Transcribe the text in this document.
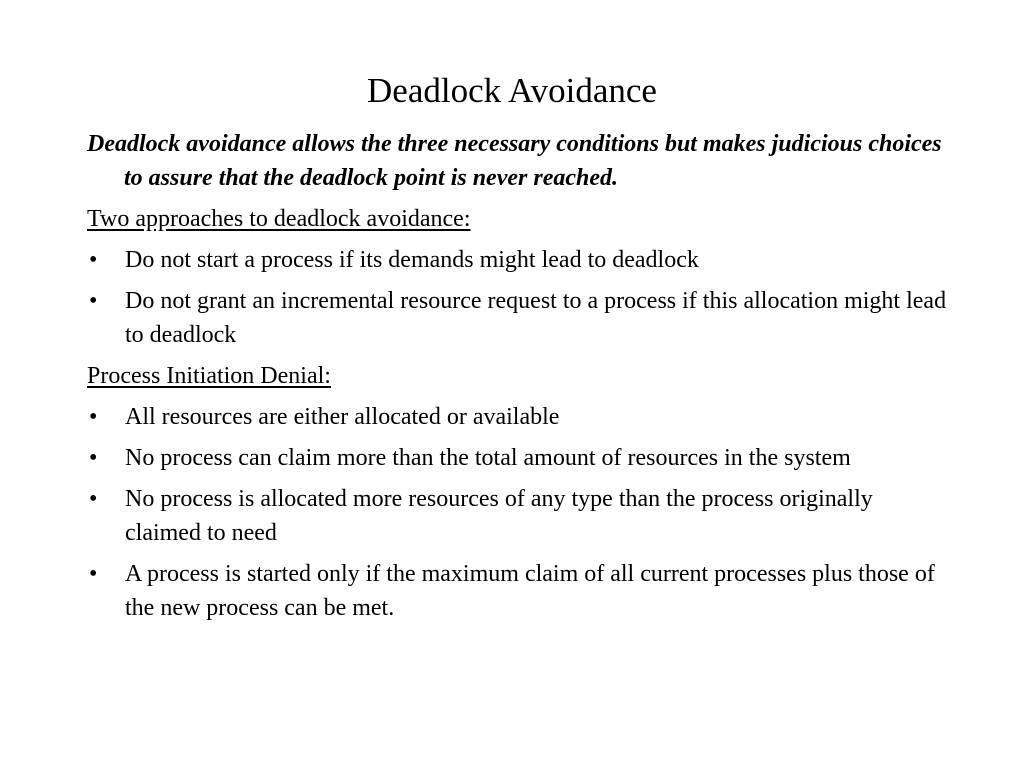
Deadlock Avoidance

Deadlock avoidance allows the three necessary conditions but makes judicious choices to assure that the deadlock point is never reached.

Two approaches to deadlock avoidance:

• Do not start a process if its demands might lead to deadlock
• Do not grant an incremental resource request to a process if this allocation might lead to deadlock

Process Initiation Denial:

• All resources are either allocated or available
• No process can claim more than the total amount of resources in the system
• No process is allocated more resources of any type than the process originally claimed to need
• A process is started only if the maximum claim of all current processes plus those of the new process can be met.
